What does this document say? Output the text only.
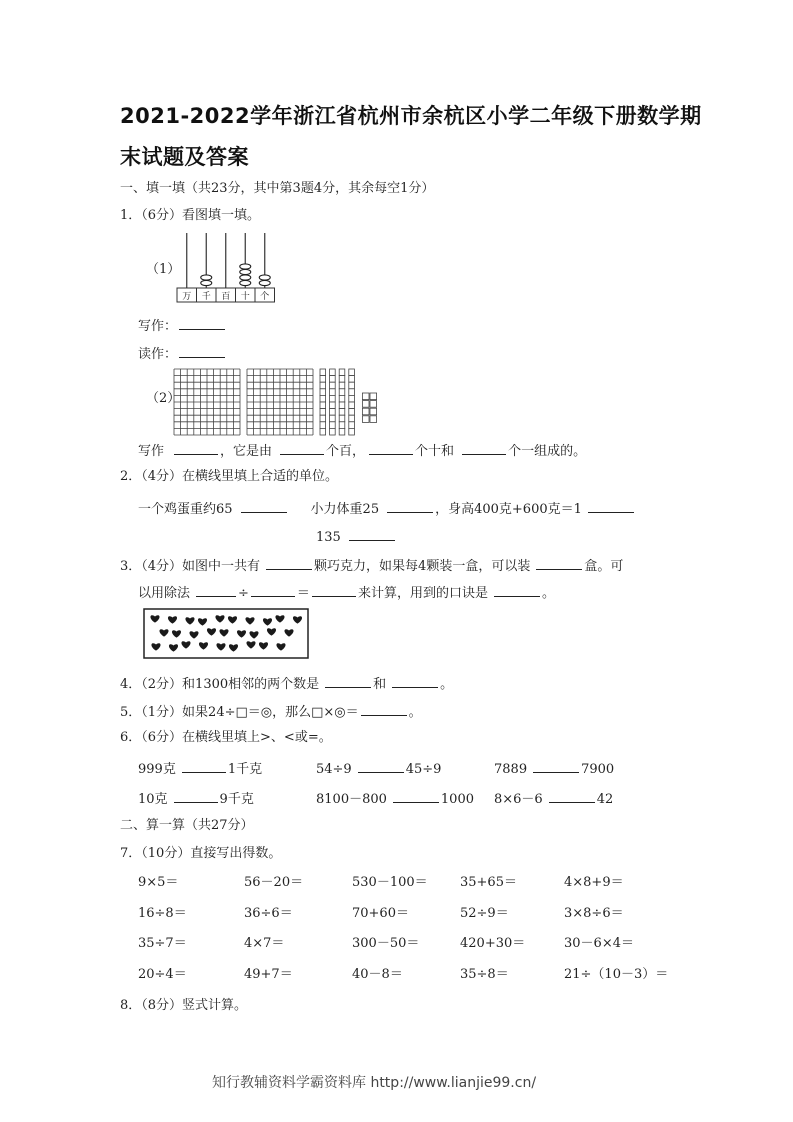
2021-2022学年浙江省杭州市余杭区小学二年级下册数学期
末试题及答案
一、填一填（共23分，其中第3题4分，其余每空1分）
1．（6分）看图填一填。
（1）
万 千 百 十 个
写作：
读作：
（2）
写作	，它是由	个百，	个十和	个一组成的。
2．（4分）在横线里填上合适的单位。
一个鸡蛋重约65	小力体重25	，身高400克+600克＝1
135
3．（4分）如图中一共有	颗巧克力，如果每4颗装一盒，可以装	盒。可
以用除法	÷	＝	来计算，用到的口诀是	。
4．（2分）和1300相邻的两个数是	和	。
5．（1分）如果24÷□＝◎，那么□×◎＝	。
6．（6分）在横线里填上>、<或=。
999克	1千克	54÷9	45÷9	7889	7900
10克	9千克	8100－800	1000 8×6－6	42
二、算一算（共27分）
7．（10分）直接写出得数。
9×5＝	56－20＝	530－100＝ 35+65＝	4×8+9＝
16÷8＝	36÷6＝	70+60＝	52÷9＝	3×8÷6＝
35÷7＝	4×7＝	300－50＝	420+30＝	30－6×4＝
20÷4＝	49+7＝	40－8＝	35÷8＝	21÷（10－3）＝
8．（8分）竖式计算。
知行教辅资料学霸资料库 http://www.lianjie99.cn/
